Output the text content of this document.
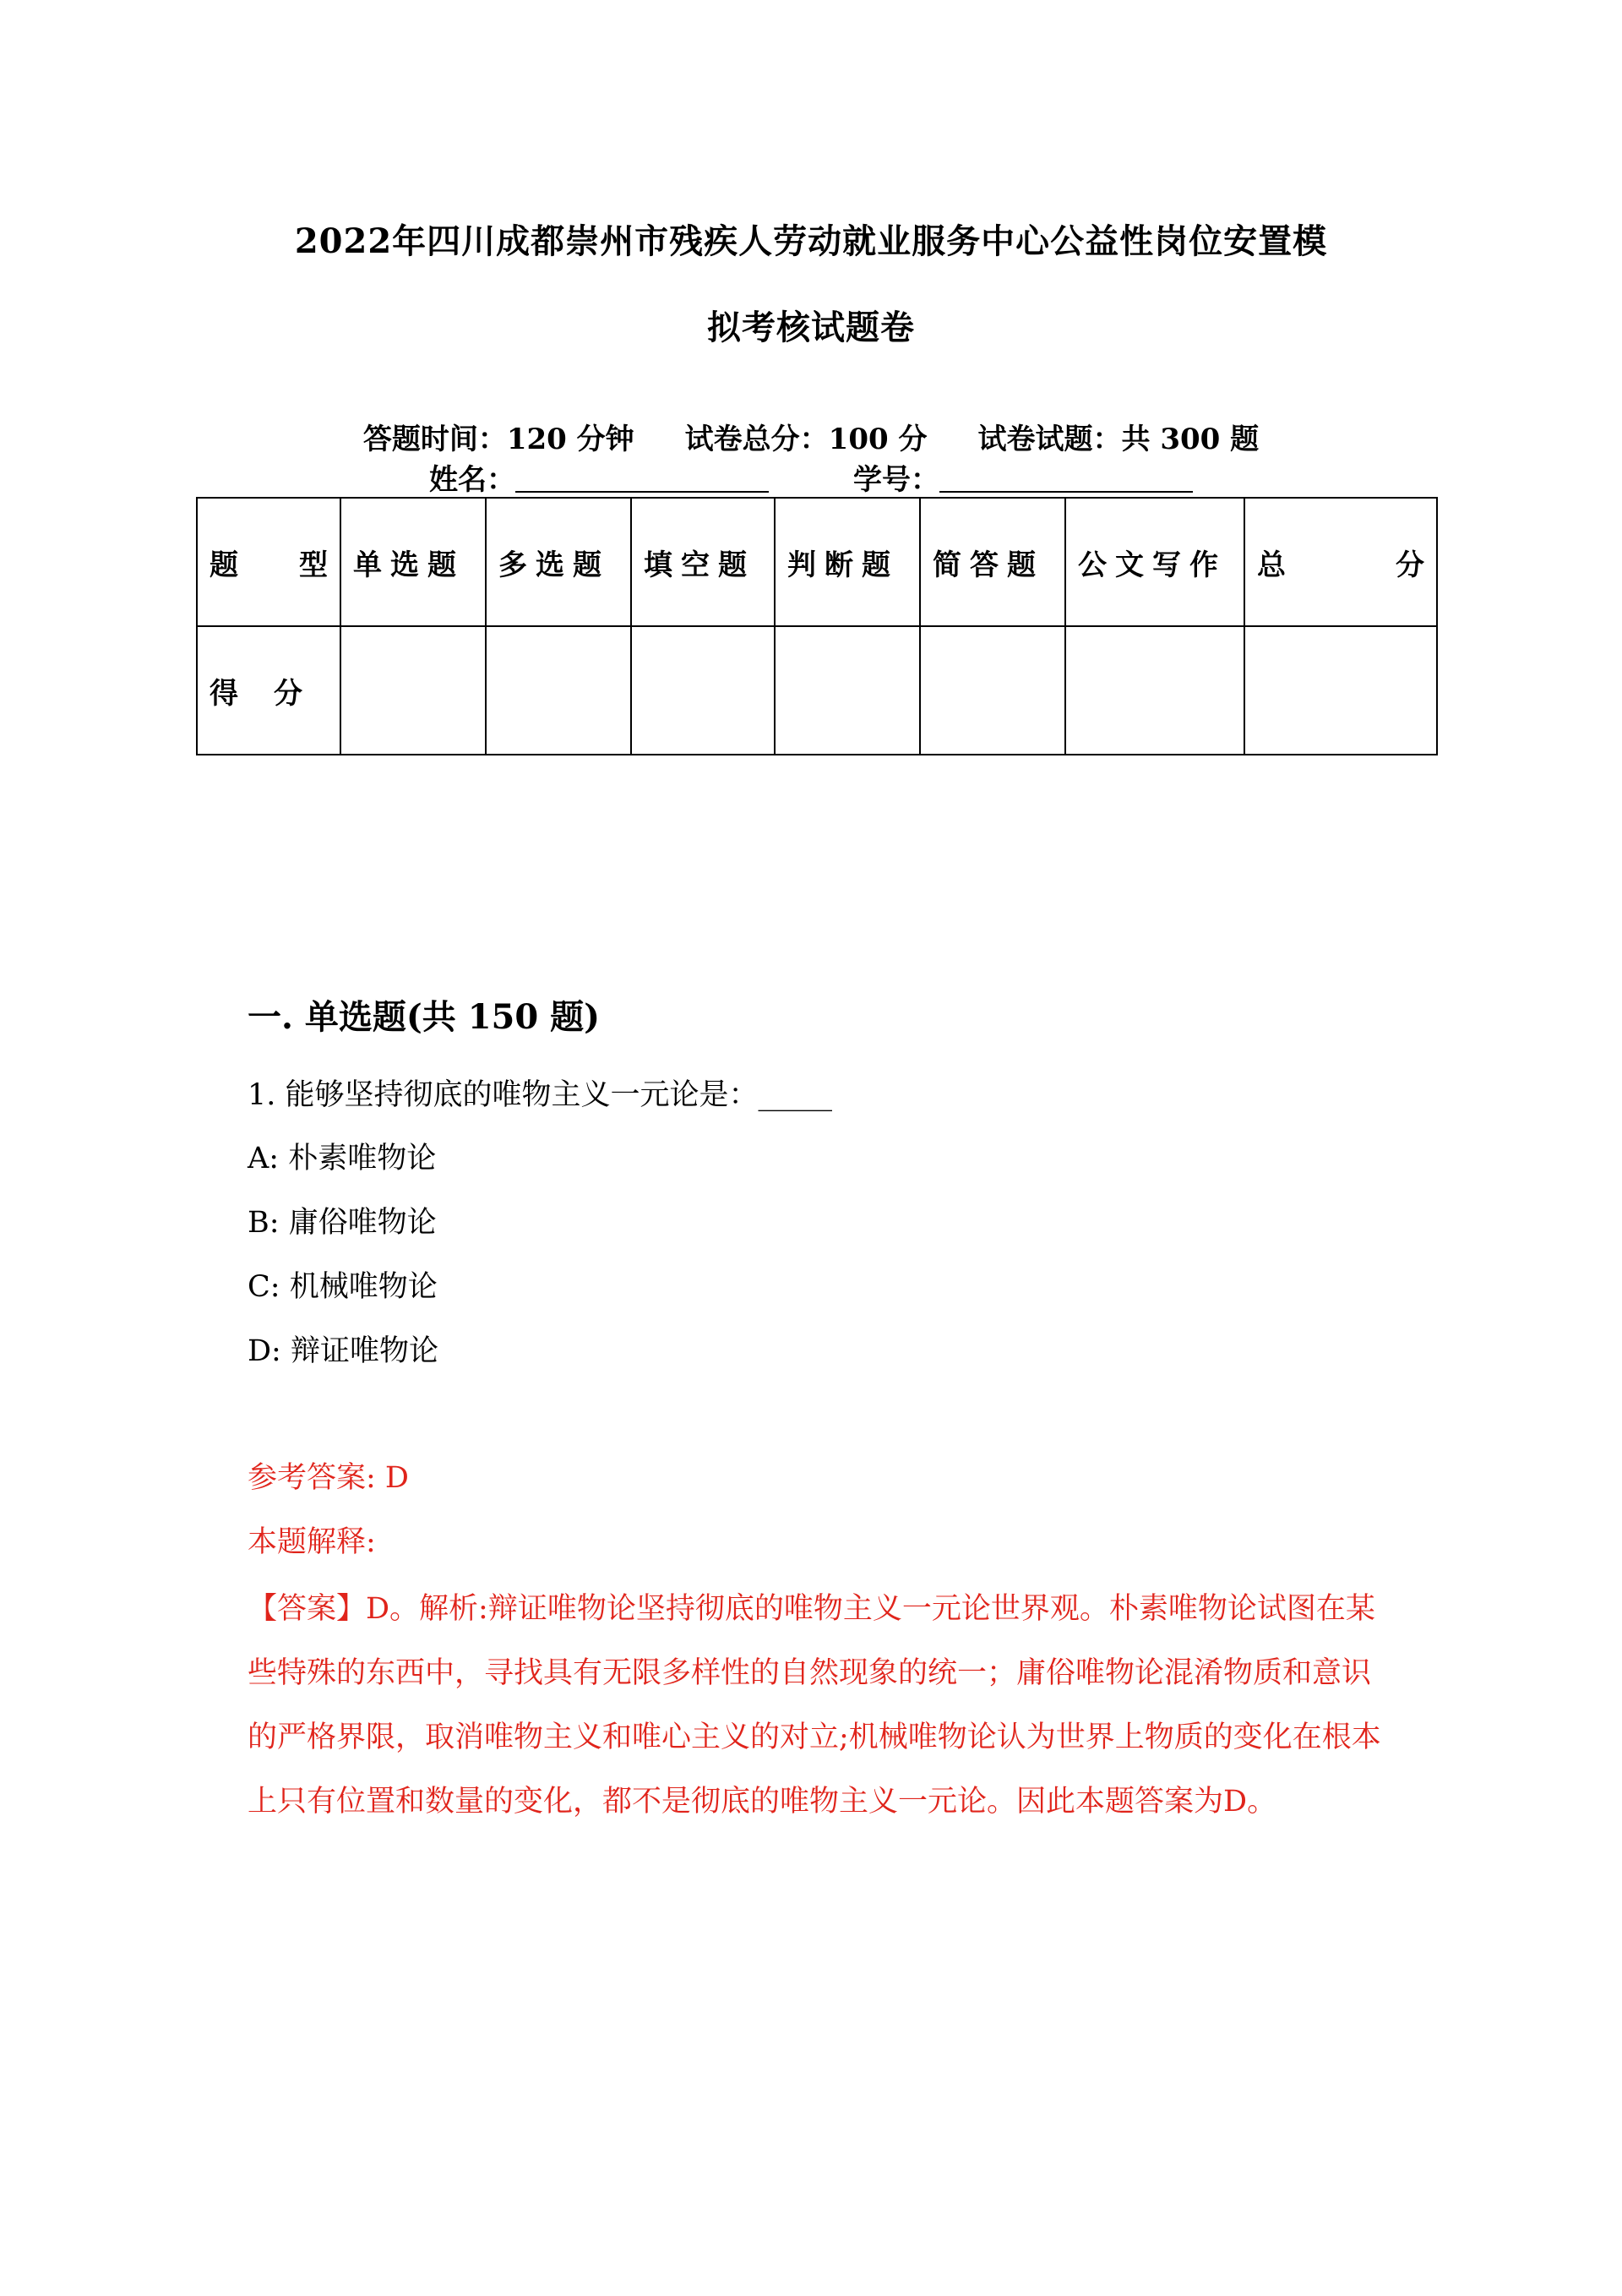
2022年四川成都崇州市残疾人劳动就业服务中心公益性岗位安置模
拟考核试题卷
答题时间：120 分钟 试卷总分：100 分 试卷试题：共 300 题
姓名：	学号：
题 型	单选题	多选题	填空题	判断题	简答题	公文写作	总 分

得 分							

一. 单选题(共 150 题)
1. 能够坚持彻底的唯物主义一元论是：_____
A: 朴素唯物论
B: 庸俗唯物论
C: 机械唯物论
D: 辩证唯物论
参考答案: D
本题解释:
【答案】D。解析:辩证唯物论坚持彻底的唯物主义一元论世界观。朴素唯物论试图在某些特殊的东西中，寻找具有无限多样性的自然现象的统一；庸俗唯物论混淆物质和意识的严格界限，取消唯物主义和唯心主义的对立;机械唯物论认为世界上物质的变化在根本上只有位置和数量的变化，都不是彻底的唯物主义一元论。因此本题答案为D。
